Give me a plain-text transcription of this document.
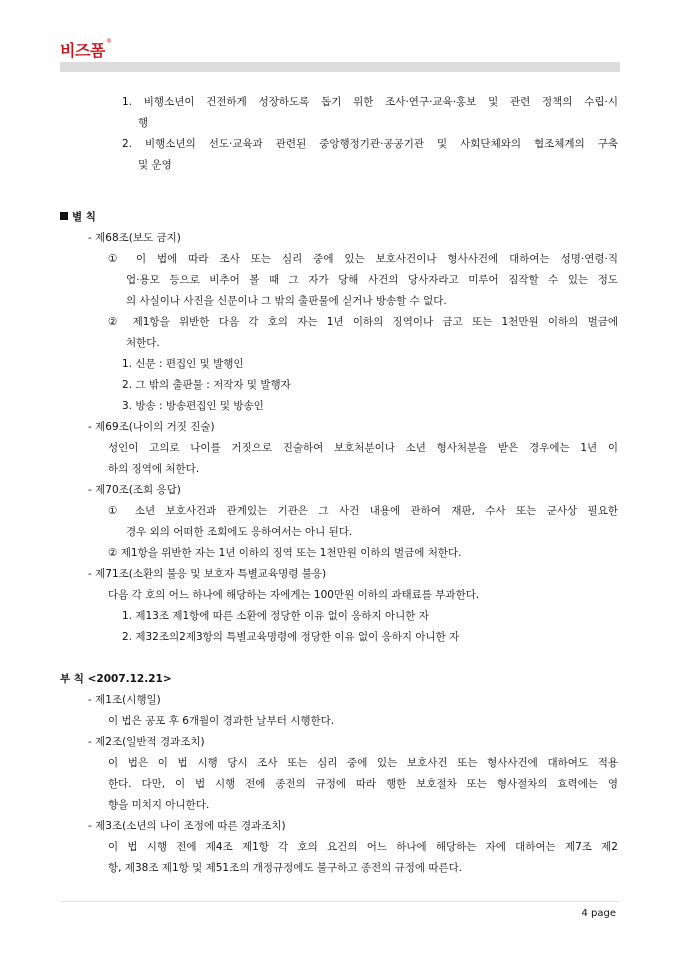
비즈폼®
1. 비행소년이 건전하게 성장하도록 돕기 위한 조사·연구·교육·홍보 및 관련 정책의 수립·시
행
2. 비행소년의 선도·교육과 관련된 중앙행정기관·공공기관 및 사회단체와의 협조체계의 구축
및 운영
별 칙
- 제68조(보도 금지)
① 이 법에 따라 조사 또는 심리 중에 있는 보호사건이나 형사사건에 대하여는 성명·연령·직
업·용모 등으로 비추어 볼 때 그 자가 당해 사건의 당사자라고 미루어 짐작할 수 있는 정도
의 사실이나 사진을 신문이나 그 밖의 출판물에 싣거나 방송할 수 없다.
② 제1항을 위반한 다음 각 호의 자는 1년 이하의 징역이나 금고 또는 1천만원 이하의 벌금에
처한다.
1. 신문 : 편집인 및 발행인
2. 그 밖의 출판물 : 저작자 및 발행자
3. 방송 : 방송편집인 및 방송인
- 제69조(나이의 거짓 진술)
성인이 고의로 나이를 거짓으로 진술하여 보호처분이나 소년 형사처분을 받은 경우에는 1년 이
하의 징역에 처한다.
- 제70조(조회 응답)
① 소년 보호사건과 관계있는 기관은 그 사건 내용에 관하여 재판, 수사 또는 군사상 필요한
경우 외의 어떠한 조회에도 응하여서는 아니 된다.
② 제1항을 위반한 자는 1년 이하의 징역 또는 1천만원 이하의 벌금에 처한다.
- 제71조(소환의 불응 및 보호자 특별교육명령 불응)
다음 각 호의 어느 하나에 해당하는 자에게는 100만원 이하의 과태료를 부과한다.
1. 제13조 제1항에 따른 소환에 정당한 이유 없이 응하지 아니한 자
2. 제32조의2제3항의 특별교육명령에 정당한 이유 없이 응하지 아니한 자
부 칙 <2007.12.21>
- 제1조(시행일)
이 법은 공포 후 6개월이 경과한 날부터 시행한다.
- 제2조(일반적 경과조치)
이 법은 이 법 시행 당시 조사 또는 심리 중에 있는 보호사건 또는 형사사건에 대하여도 적용
한다. 다만, 이 법 시행 전에 종전의 규정에 따라 행한 보호절차 또는 형사절차의 효력에는 영
향을 미치지 아니한다.
- 제3조(소년의 나이 조정에 따른 경과조치)
이 법 시행 전에 제4조 제1항 각 호의 요건의 어느 하나에 해당하는 자에 대하여는 제7조 제2
항, 제38조 제1항 및 제51조의 개정규정에도 불구하고 종전의 규정에 따른다.
4 page
